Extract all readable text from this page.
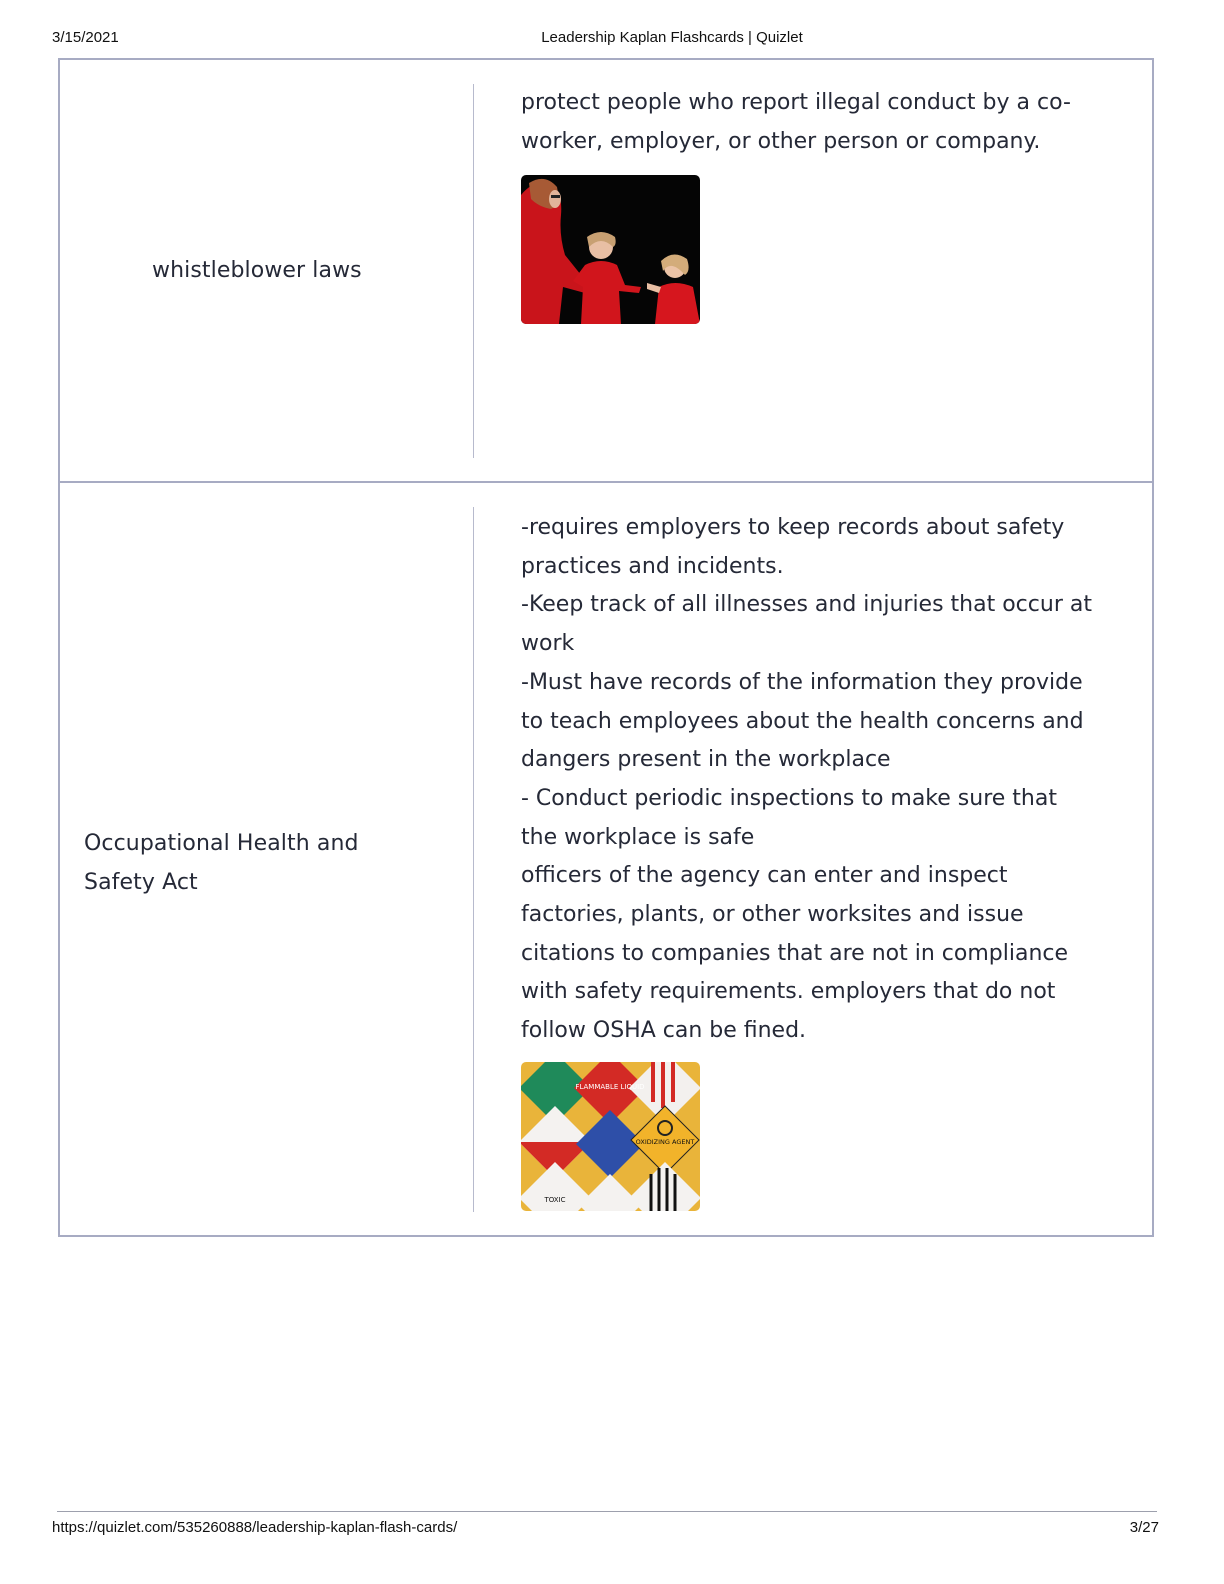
3/15/2021	Leadership Kaplan Flashcards | Quizlet
whistleblower laws
protect people who report illegal conduct by a co-
worker, employer, or other person or company.
Occupational Health and
Safety Act
-requires employers to keep records about safety
practices and incidents.
-Keep track of all illnesses and injuries that occur at
work
-Must have records of the information they provide
to teach employees about the health concerns and
dangers present in the workplace
- Conduct periodic inspections to make sure that
the workplace is safe
officers of the agency can enter and inspect
factories, plants, or other worksites and issue
citations to companies that are not in compliance
with safety requirements. employers that do not
follow OSHA can be fined.
FLAMMABLE LIQUID
OXIDIZING AGENT
TOXIC
https://quizlet.com/535260888/leadership-kaplan-flash-cards/	3/27
